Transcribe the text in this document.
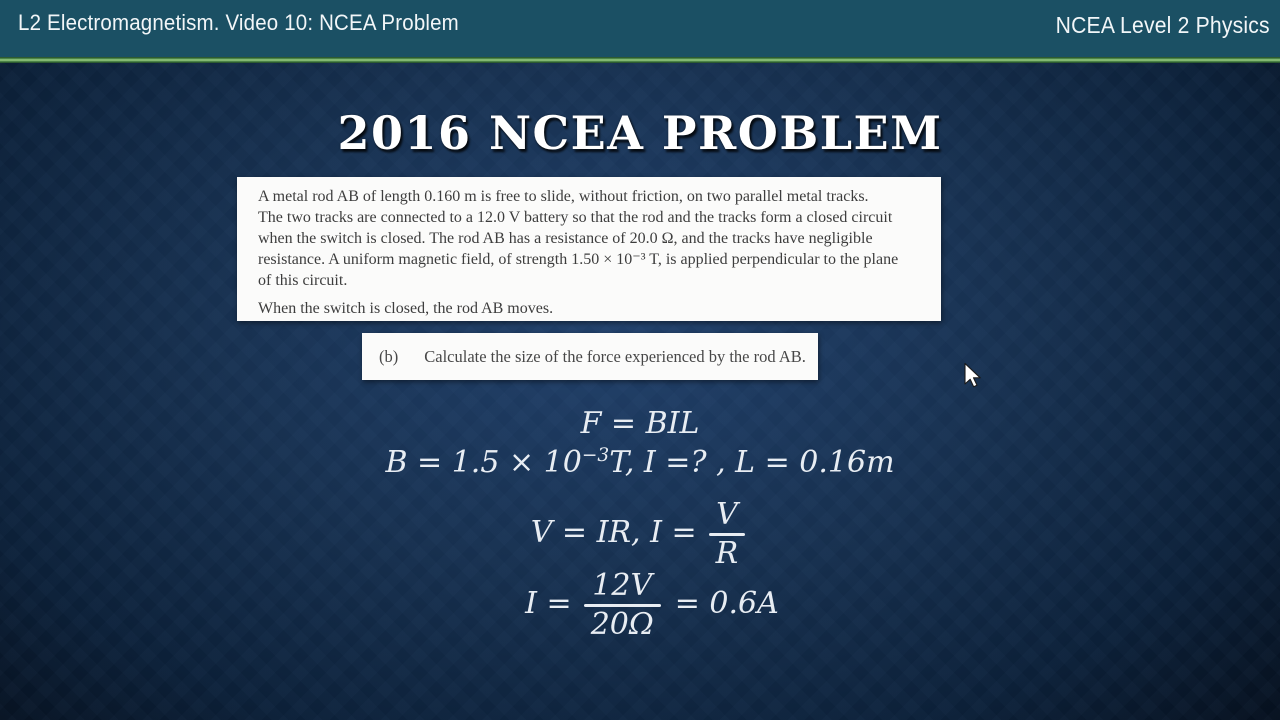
L2 Electromagnetism. Video 10: NCEA Problem	NCEA Level 2 Physics
2016 NCEA PROBLEM
A metal rod AB of length 0.160 m is free to slide, without friction, on two parallel metal tracks.
The two tracks are connected to a 12.0 V battery so that the rod and the tracks form a closed circuit
when the switch is closed. The rod AB has a resistance of 20.0 Ω, and the tracks have negligible
resistance. A uniform magnetic field, of strength 1.50 × 10⁻³ T, is applied perpendicular to the plane
of this circuit.
When the switch is closed, the rod AB moves.
(b) Calculate the size of the force experienced by the rod AB.
F = BIL
$B = 1.5 \times 10^{-3}T$, I =? , L = 0.16m
V = IR, $I = \frac{V}{R}$
$I = \frac{12V}{20\Omega} = 0.6A$
